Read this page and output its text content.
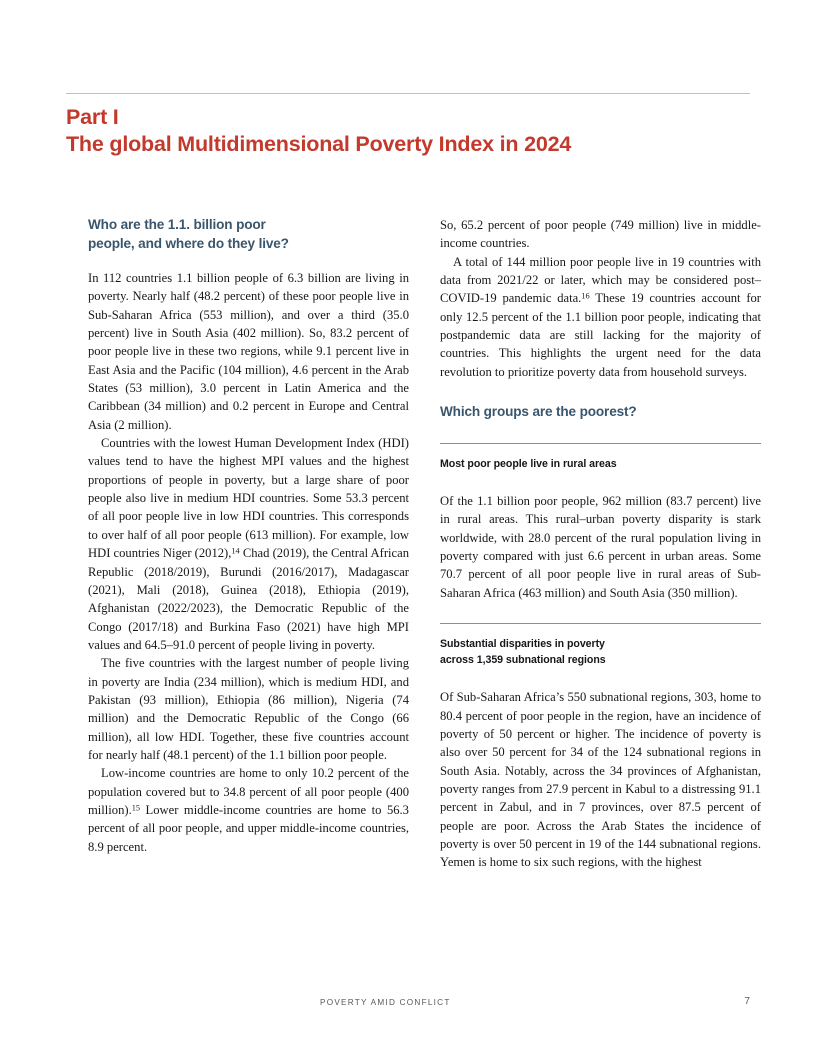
Part I
The global Multidimensional Poverty Index in 2024
Who are the 1.1. billion poor
people, and where do they live?

In 112 countries 1.1 billion people of 6.3 billion are living in poverty. Nearly half (48.2 percent) of these poor people live in Sub-Saharan Africa (553 million), and over a third (35.0 percent) live in South Asia (402 million). So, 83.2 percent of poor people live in these two regions, while 9.1 percent live in East Asia and the Pacific (104 million), 4.6 percent in the Arab States (53 million), 3.0 percent in Latin America and the Caribbean (34 million) and 0.2 percent in Europe and Central Asia (2 million).

Countries with the lowest Human Development Index (HDI) values tend to have the highest MPI values and the highest proportions of people in poverty, but a large share of poor people also live in medium HDI countries. Some 53.3 percent of all poor people live in low HDI countries. This corresponds to over half of all poor people (613 million). For example, low HDI countries Niger (2012),$^{14}$ Chad (2019), the Central African Republic (2018/2019), Burundi (2016/2017), Madagascar (2021), Mali (2018), Guinea (2018), Ethiopia (2019), Afghanistan (2022/2023), the Democratic Republic of the Congo (2017/18) and Burkina Faso (2021) have high MPI values and 64.5–91.0 percent of people living in poverty.

The five countries with the largest number of people living in poverty are India (234 million), which is medium HDI, and Pakistan (93 million), Ethiopia (86 million), Nigeria (74 million) and the Democratic Republic of the Congo (66 million), all low HDI. Together, these five countries account for nearly half (48.1 percent) of the 1.1 billion poor people.

Low-income countries are home to only 10.2 percent of the population covered but to 34.8 percent of all poor people (400 million).$^{15}$ Lower middle-income countries are home to 56.3 percent of all poor people, and upper middle-income countries, 8.9 percent.

So, 65.2 percent of poor people (749 million) live in middle-income countries.

A total of 144 million poor people live in 19 countries with data from 2021/22 or later, which may be considered post–COVID-19 pandemic data.$^{16}$ These 19 countries account for only 12.5 percent of the 1.1 billion poor people, indicating that postpandemic data are still lacking for the majority of countries. This highlights the urgent need for the data revolution to prioritize poverty data from household surveys.

Which groups are the poorest?
Most poor people live in rural areas

Of the 1.1 billion poor people, 962 million (83.7 percent) live in rural areas. This rural–urban poverty disparity is stark worldwide, with 28.0 percent of the rural population living in poverty compared with just 6.6 percent in urban areas. Some 70.7 percent of all poor people live in rural areas of Sub-Saharan Africa (463 million) and South Asia (350 million).

Substantial disparities in poverty
across 1,359 subnational regions

Of Sub-Saharan Africa’s 550 subnational regions, 303, home to 80.4 percent of poor people in the region, have an incidence of poverty of 50 percent or higher. The incidence of poverty is also over 50 percent for 34 of the 124 subnational regions in South Asia. Notably, across the 34 provinces of Afghanistan, poverty ranges from 27.9 percent in Kabul to a distressing 91.1 percent in Zabul, and in 7 provinces, over 87.5 percent of people are poor. Across the Arab States the incidence of poverty is over 50 percent in 19 of the 144 subnational regions. Yemen is home to six such regions, with the highest

POVERTY AMID CONFLICT	7
